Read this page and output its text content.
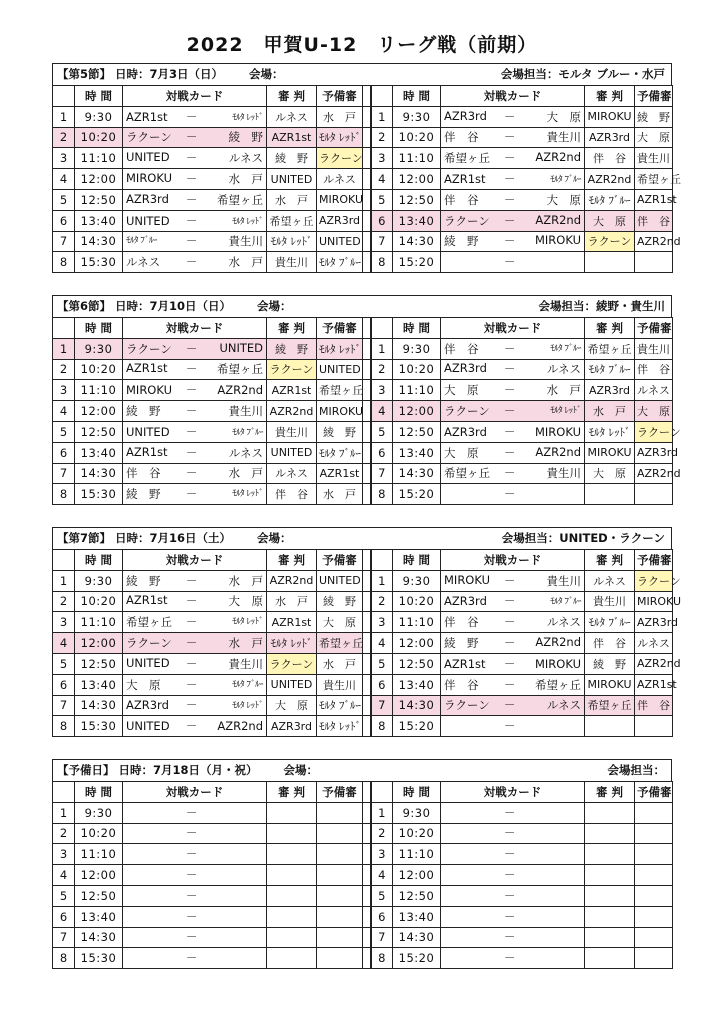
2022　甲賀U-12　リーグ戦（前期）
【第5節】 日時：7月3日（日） 会場：	会場担当：モルタ ブルー・水戸
	時 間	対戦カード	審 判	予備審			時 間	対戦カード	審 判	予備審
1	9:30	AZR1st － ﾓﾙﾀ ﾚｯﾄﾞ	ルネス	水　戸		1	9:30	AZR3rd － 大　原	MIROKU	綾　野
2	10:20	ラクーン － 綾　野	AZR1st	ﾓﾙﾀ ﾚｯﾄﾞ		2	10:20	伴　谷 － 貴生川	AZR3rd	大　原
3	11:10	UNITED － ルネス	綾　野	ラクーン		3	11:10	希望ヶ丘 － AZR2nd	伴　谷	貴生川
4	12:00	MIROKU － 水　戸	UNITED	ルネス		4	12:00	AZR1st － ﾓﾙﾀ ﾌﾞﾙｰ	AZR2nd	希望ヶ丘
5	12:50	AZR3rd － 希望ヶ丘	水　戸	MIROKU		5	12:50	伴　谷 － 大　原	ﾓﾙﾀ ﾌﾞﾙｰ	AZR1st
6	13:40	UNITED － ﾓﾙﾀ ﾚｯﾄﾞ	希望ヶ丘	AZR3rd		6	13:40	ラクーン － AZR2nd	大　原	伴　谷
7	14:30	ﾓﾙﾀ ﾌﾞﾙｰ － 貴生川	ﾓﾙﾀ ﾚｯﾄﾞ	UNITED		7	14:30	綾　野 － MIROKU	ラクーン	AZR2nd
8	15:30	ルネス － 水　戸	貴生川	ﾓﾙﾀ ﾌﾞﾙｰ		8	15:20	－		

【第6節】 日時：7月10日（日） 会場：	会場担当：綾野・貴生川
	時 間	対戦カード	審 判	予備審			時 間	対戦カード	審 判	予備審
1	9:30	ラクーン － UNITED	綾　野	ﾓﾙﾀ ﾚｯﾄﾞ		1	9:30	伴　谷 － ﾓﾙﾀ ﾌﾞﾙｰ	希望ヶ丘	貴生川
2	10:20	AZR1st － 希望ヶ丘	ラクーン	UNITED		2	10:20	AZR3rd － ルネス	ﾓﾙﾀ ﾌﾞﾙｰ	伴　谷
3	11:10	MIROKU － AZR2nd	AZR1st	希望ヶ丘		3	11:10	大　原 － 水　戸	AZR3rd	ルネス
4	12:00	綾　野 － 貴生川	AZR2nd	MIROKU		4	12:00	ラクーン － ﾓﾙﾀ ﾚｯﾄﾞ	水　戸	大　原
5	12:50	UNITED － ﾓﾙﾀ ﾌﾞﾙｰ	貴生川	綾　野		5	12:50	AZR3rd － MIROKU	ﾓﾙﾀ ﾚｯﾄﾞ	ラクーン
6	13:40	AZR1st － ルネス	UNITED	ﾓﾙﾀ ﾌﾞﾙｰ		6	13:40	大　原 － AZR2nd	MIROKU	AZR3rd
7	14:30	伴　谷 － 水　戸	ルネス	AZR1st		7	14:30	希望ヶ丘 － 貴生川	大　原	AZR2nd
8	15:30	綾　野 － ﾓﾙﾀ ﾚｯﾄﾞ	伴　谷	水　戸		8	15:20	－		

【第7節】 日時：7月16日（土） 会場：	会場担当：UNITED・ラクーン
	時 間	対戦カード	審 判	予備審			時 間	対戦カード	審 判	予備審
1	9:30	綾　野 － 水　戸	AZR2nd	UNITED		1	9:30	MIROKU － 貴生川	ルネス	ラクーン
2	10:20	AZR1st － 大　原	水　戸	綾　野		2	10:20	AZR3rd － ﾓﾙﾀ ﾌﾞﾙｰ	貴生川	MIROKU
3	11:10	希望ヶ丘 － ﾓﾙﾀ ﾚｯﾄﾞ	AZR1st	大　原		3	11:10	伴　谷 － ルネス	ﾓﾙﾀ ﾌﾞﾙｰ	AZR3rd
4	12:00	ラクーン － 水　戸	ﾓﾙﾀ ﾚｯﾄﾞ	希望ヶ丘		4	12:00	綾　野 － AZR2nd	伴　谷	ルネス
5	12:50	UNITED － 貴生川	ラクーン	水　戸		5	12:50	AZR1st － MIROKU	綾　野	AZR2nd
6	13:40	大　原 － ﾓﾙﾀ ﾌﾞﾙｰ	UNITED	貴生川		6	13:40	伴　谷 － 希望ヶ丘	MIROKU	AZR1st
7	14:30	AZR3rd － ﾓﾙﾀ ﾚｯﾄﾞ	大　原	ﾓﾙﾀ ﾌﾞﾙｰ		7	14:30	ラクーン － ルネス	希望ヶ丘	伴　谷
8	15:30	UNITED － AZR2nd	AZR3rd	ﾓﾙﾀ ﾚｯﾄﾞ		8	15:20	－		

【予備日】 日時：7月18日（月・祝） 会場：	会場担当：
	時 間	対戦カード	審 判	予備審			時 間	対戦カード	審 判	予備審
1	9:30	－				1	9:30	－		

2	10:20	－				2	10:20	－		

3	11:10	－				3	11:10	－		

4	12:00	－				4	12:00	－		

5	12:50	－				5	12:50	－		

6	13:40	－				6	13:40	－		

7	14:30	－				7	14:30	－		

8	15:30	－				8	15:20	－		
